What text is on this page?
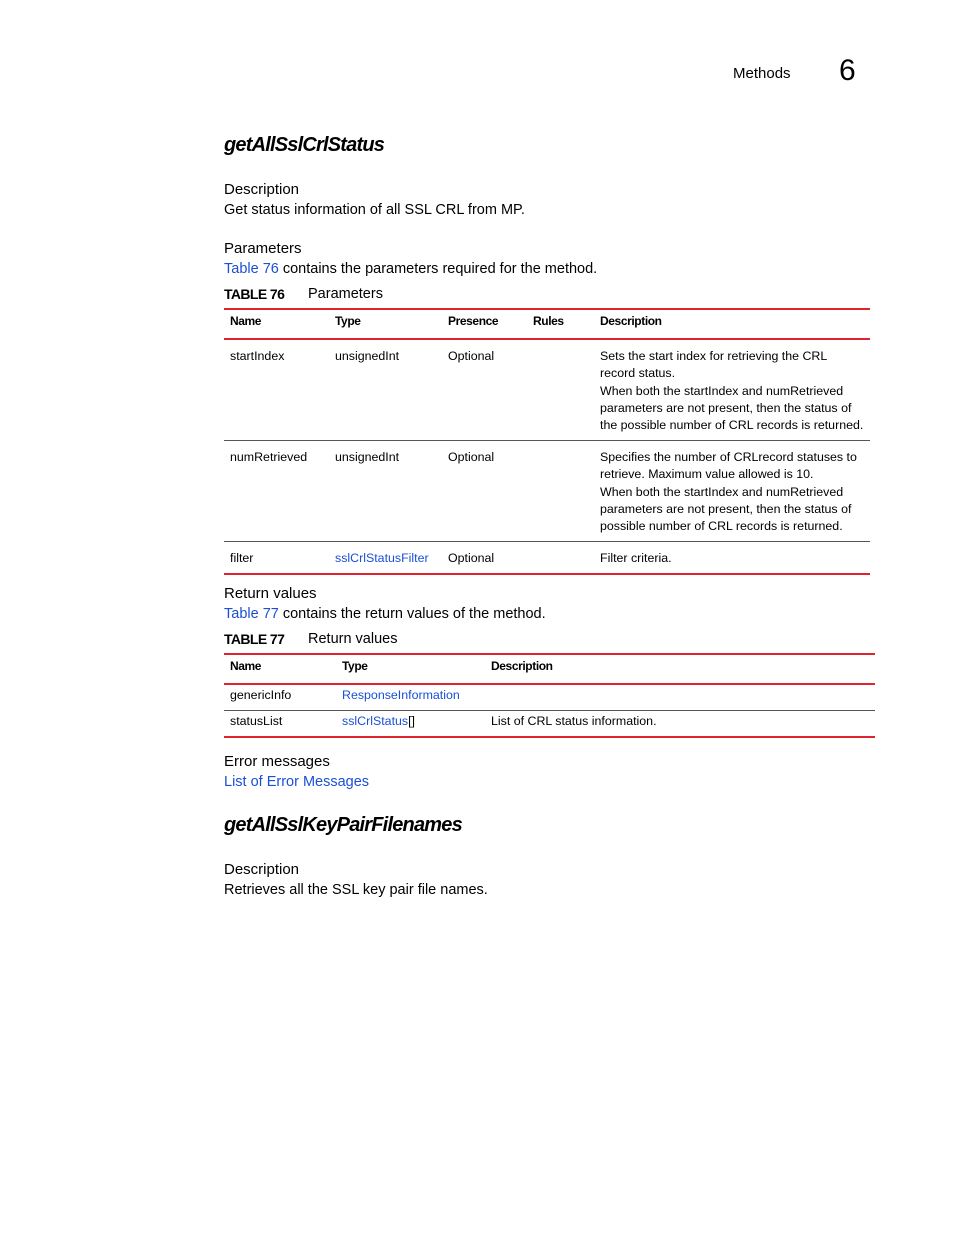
Methods 6
getAllSslCrlStatus
Description
Get status information of all SSL CRL from MP.
Parameters
Table 76 contains the parameters required for the method.
TABLE 76 Parameters
Name	Type	Presence	Rules	Description
startIndex	unsignedInt	Optional		Sets the start index for retrieving the CRL record status.
When both the startIndex and numRetrieved parameters are not present, then the status of the possible number of CRL records is returned.

numRetrieved	unsignedInt	Optional		Specifies the number of CRLrecord statuses to retrieve. Maximum value allowed is 10.
When both the startIndex and numRetrieved parameters are not present, then the status of possible number of CRL records is returned.

filter	sslCrlStatusFilter	Optional		Filter criteria.
Return values
Table 77 contains the return values of the method.
TABLE 77 Return values
Name	Type	Description
genericInfo	ResponseInformation	
statusList	sslCrlStatus[]	List of CRL status information.
Error messages
List of Error Messages
getAllSslKeyPairFilenames
Description
Retrieves all the SSL key pair file names.
